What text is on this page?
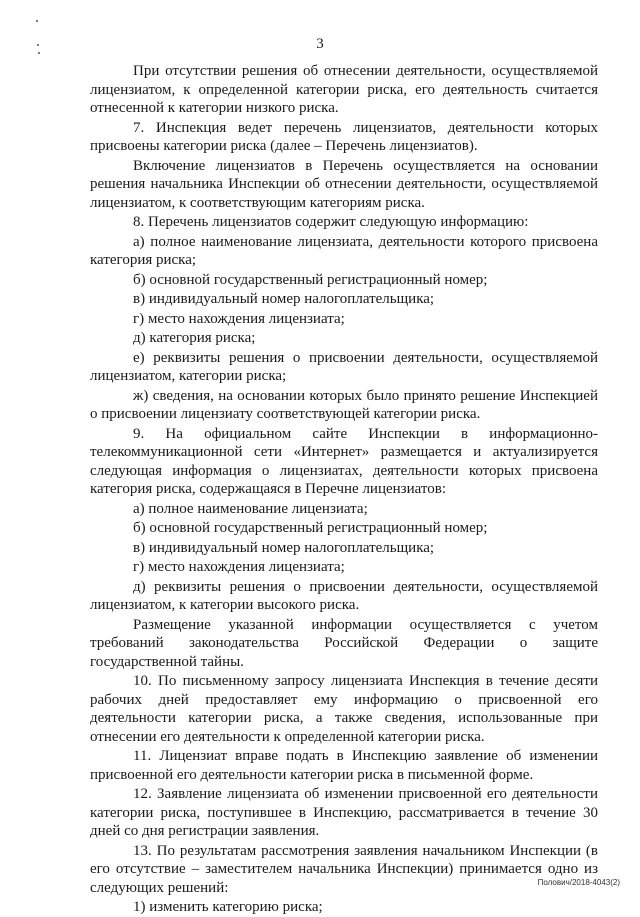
3

При отсутствии решения об отнесении деятельности, осуществляемой лицензиатом, к определенной категории риска, его деятельность считается отнесенной к категории низкого риска.

7. Инспекция ведет перечень лицензиатов, деятельности которых присвоены категории риска (далее – Перечень лицензиатов).

Включение лицензиатов в Перечень осуществляется на основании решения начальника Инспекции об отнесении деятельности, осуществляемой лицензиатом, к соответствующим категориям риска.

8. Перечень лицензиатов содержит следующую информацию:

а) полное наименование лицензиата, деятельности которого присвоена категория риска;

б) основной государственный регистрационный номер;

в) индивидуальный номер налогоплательщика;

г) место нахождения лицензиата;

д) категория риска;

е) реквизиты решения о присвоении деятельности, осуществляемой лицензиатом, категории риска;

ж) сведения, на основании которых было принято решение Инспекцией о присвоении лицензиату соответствующей категории риска.

9. На официальном сайте Инспекции в информационно-телекоммуникационной сети «Интернет» размещается и актуализируется следующая информация о лицензиатах, деятельности которых присвоена категория риска, содержащаяся в Перечне лицензиатов:

а) полное наименование лицензиата;

б) основной государственный регистрационный номер;

в) индивидуальный номер налогоплательщика;

г) место нахождения лицензиата;

д) реквизиты решения о присвоении деятельности, осуществляемой лицензиатом, к категории высокого риска.

Размещение указанной информации осуществляется с учетом требований законодательства Российской Федерации о защите государственной тайны.

10. По письменному запросу лицензиата Инспекция в течение десяти рабочих дней предоставляет ему информацию о присвоенной его деятельности категории риска, а также сведения, использованные при отнесении его деятельности к определенной категории риска.

11. Лицензиат вправе подать в Инспекцию заявление об изменении присвоенной его деятельности категории риска в письменной форме.

12. Заявление лицензиата об изменении присвоенной его деятельности категории риска, поступившее в Инспекцию, рассматривается в течение 30 дней со дня регистрации заявления.

13. По результатам рассмотрения заявления начальником Инспекции (в его отсутствие – заместителем начальника Инспекции) принимается одно из следующих решений:

1) изменить категорию риска;

Полович/2018-4043(2)
